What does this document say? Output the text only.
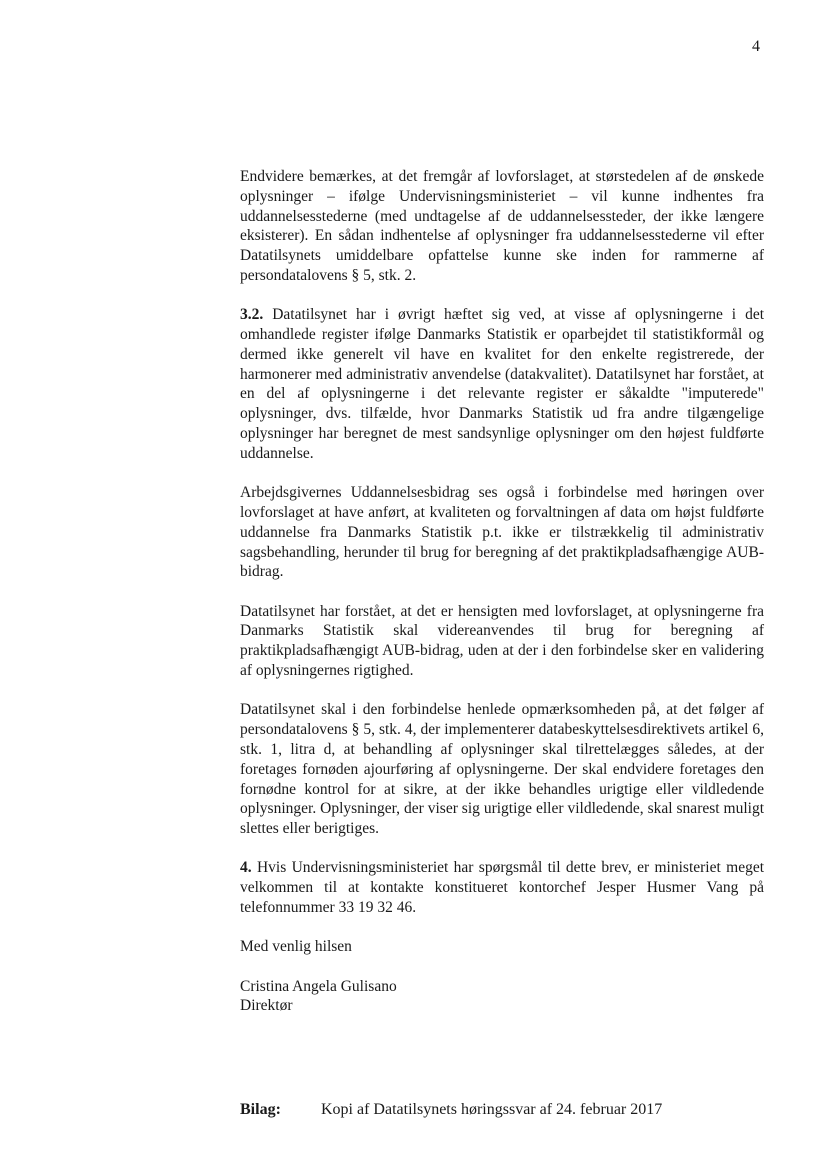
4

Endvidere bemærkes, at det fremgår af lovforslaget, at størstedelen af de ønskede oplysninger – ifølge Undervisningsministeriet – vil kunne indhentes fra uddannelsesstederne (med undtagelse af de uddannelsessteder, der ikke længere eksisterer). En sådan indhentelse af oplysninger fra uddannelsesstederne vil efter Datatilsynets umiddelbare opfattelse kunne ske inden for rammerne af persondatalovens § 5, stk. 2.

3.2. Datatilsynet har i øvrigt hæftet sig ved, at visse af oplysningerne i det omhandlede register ifølge Danmarks Statistik er oparbejdet til statistikformål og dermed ikke generelt vil have en kvalitet for den enkelte registrerede, der harmonerer med administrativ anvendelse (datakvalitet). Datatilsynet har forstået, at en del af oplysningerne i det relevante register er såkaldte "imputerede" oplysninger, dvs. tilfælde, hvor Danmarks Statistik ud fra andre tilgængelige oplysninger har beregnet de mest sandsynlige oplysninger om den højest fuldførte uddannelse.

Arbejdsgivernes Uddannelsesbidrag ses også i forbindelse med høringen over lovforslaget at have anført, at kvaliteten og forvaltningen af data om højst fuldførte uddannelse fra Danmarks Statistik p.t. ikke er tilstrækkelig til administrativ sagsbehandling, herunder til brug for beregning af det praktikpladsafhængige AUB-bidrag.

Datatilsynet har forstået, at det er hensigten med lovforslaget, at oplysningerne fra Danmarks Statistik skal videreanvendes til brug for beregning af praktikpladsafhængigt AUB-bidrag, uden at der i den forbindelse sker en validering af oplysningernes rigtighed.

Datatilsynet skal i den forbindelse henlede opmærksomheden på, at det følger af persondatalovens § 5, stk. 4, der implementerer databeskyttelsesdirektivets artikel 6, stk. 1, litra d, at behandling af oplysninger skal tilrettelægges således, at der foretages fornøden ajourføring af oplysningerne. Der skal endvidere foretages den fornødne kontrol for at sikre, at der ikke behandles urigtige eller vildledende oplysninger. Oplysninger, der viser sig urigtige eller vildledende, skal snarest muligt slettes eller berigtiges.

4. Hvis Undervisningsministeriet har spørgsmål til dette brev, er ministeriet meget velkommen til at kontakte konstitueret kontorchef Jesper Husmer Vang på telefonnummer 33 19 32 46.

Med venlig hilsen

Cristina Angela Gulisano
Direktør

Bilag:	Kopi af Datatilsynets høringssvar af 24. februar 2017
